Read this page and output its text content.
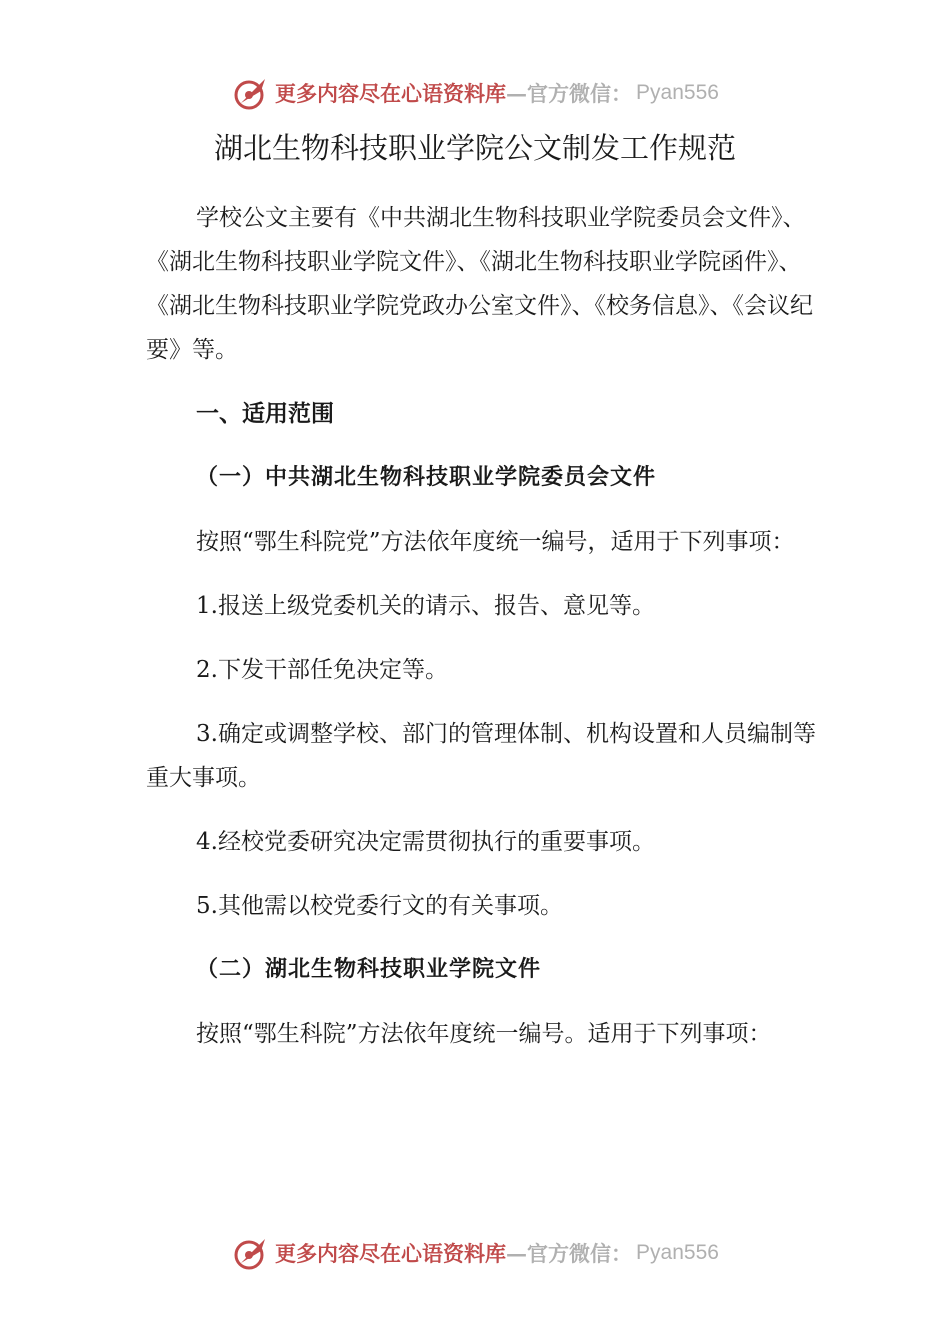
更多内容尽在心语资料库 — 官方微信： Pyan556
湖北生物科技职业学院公文制发工作规范

学校公文主要有《中共湖北生物科技职业学院委员会文件》、《湖北生物科技职业学院文件》、《湖北生物科技职业学院函件》、《湖北生物科技职业学院党政办公室文件》、《校务信息》、《会议纪要》等。

一、适用范围

（一）中共湖北生物科技职业学院委员会文件

按照“鄂生科院党”方法依年度统一编号，适用于下列事项：

1.报送上级党委机关的请示、报告、意见等。

2.下发干部任免决定等。

3.确定或调整学校、部门的管理体制、机构设置和人员编制等重大事项。

4.经校党委研究决定需贯彻执行的重要事项。

5.其他需以校党委行文的有关事项。

（二）湖北生物科技职业学院文件

按照“鄂生科院”方法依年度统一编号。适用于下列事项：

更多内容尽在心语资料库 — 官方微信： Pyan556
